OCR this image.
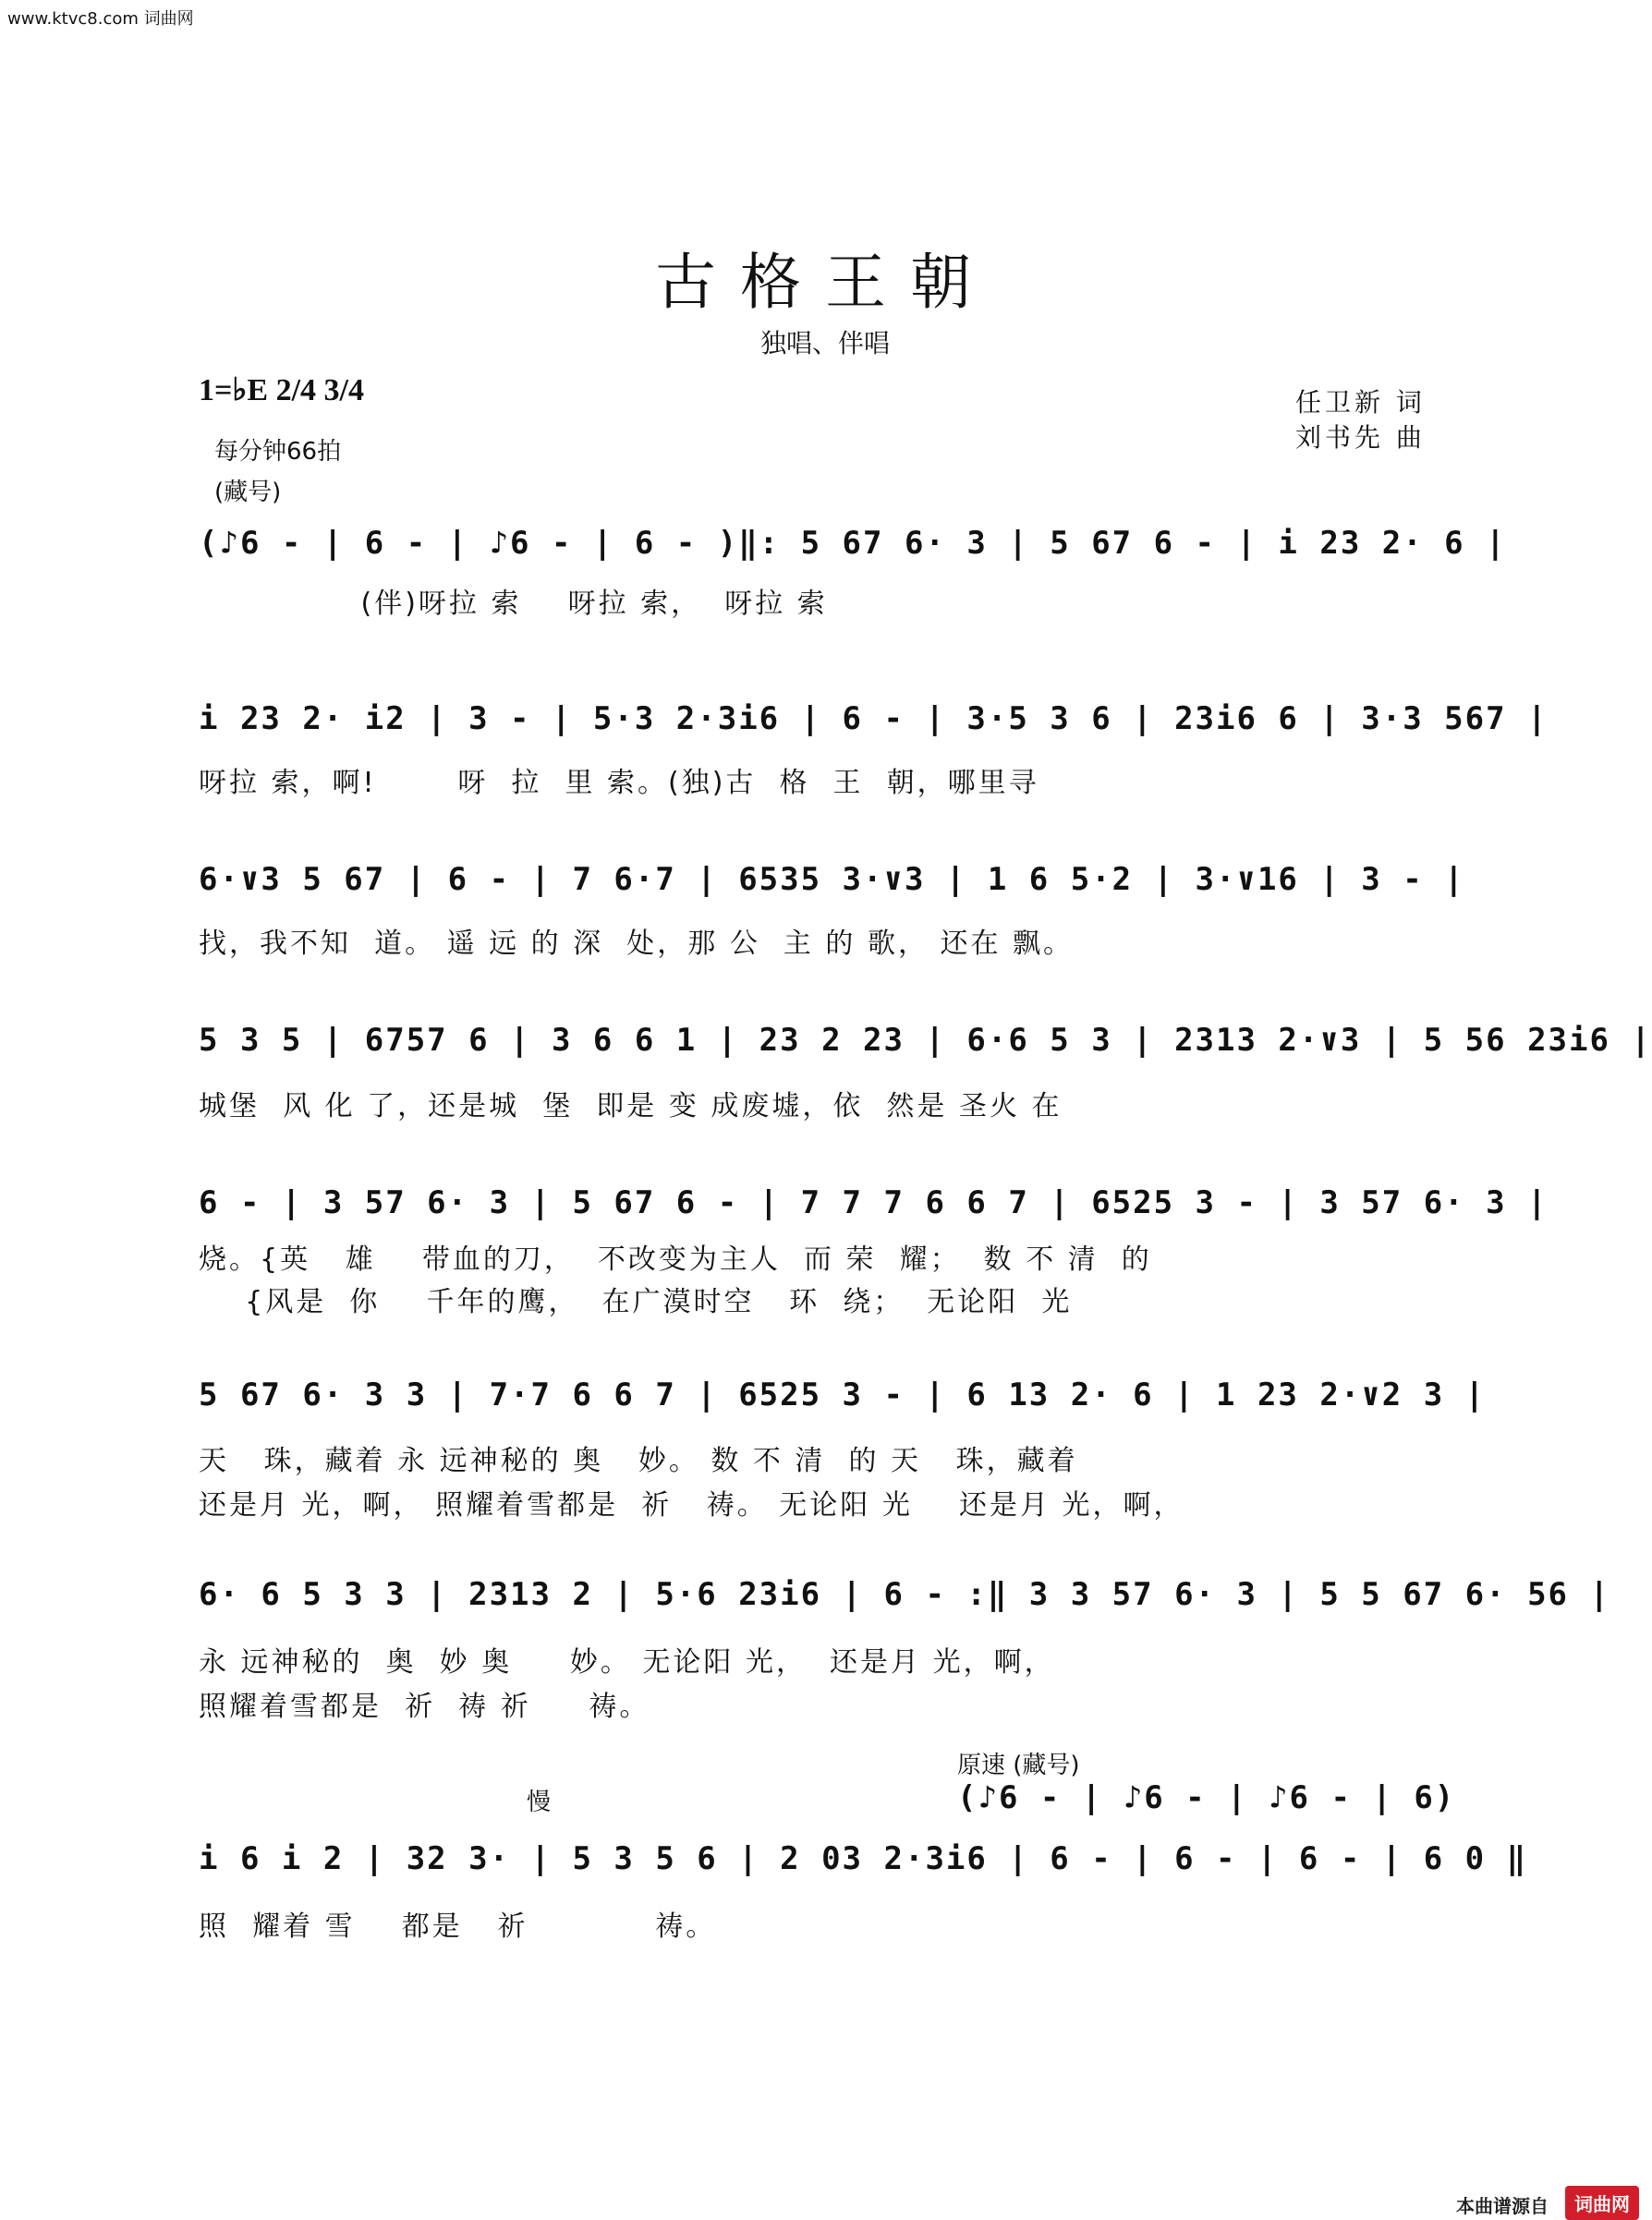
www.ktvc8.com 词曲网
古格王朝
独唱、伴唱
1=♭E 2/4 3/4
每分钟66拍
(藏号)
任卫新 词
刘书先 曲
(♪6 - | 6 - | ♪6 - | 6 - )‖: 5 67 6· 3 | 5 67 6 - | i 23 2· 6 |
(伴)呀拉 索    呀拉 索，  呀拉 索
i 23 2· i2 | 3 - | 5·3 2·3i6 | 6 - | 3·5 3 6 | 23i6 6 | 3·3 567 |
呀拉 索，啊!       呀  拉  里 索。(独)古  格  王  朝，哪里寻
6·∨3 5 67 | 6 - | 7 6·7 | 6535 3·∨3 | 1 6 5·2 | 3·∨16 | 3 - |
找，我不知  道。 遥 远 的 深  处，那 公  主 的 歌， 还在 飘。
5 3 5 | 6757 6 | 3 6 6 1 | 23 2 23 | 6·6 5 3 | 2313 2·∨3 | 5 56 23i6 |
城堡  风 化 了，还是城  堡  即是 变 成废墟，依  然是 圣火 在
6 - | 3 57 6· 3 | 5 67 6 - | 7 7 7 6 6 7 | 6525 3 - | 3 57 6· 3 |
烧。{英   雄    带血的刀，  不改变为主人  而 荣  耀；  数 不 清  的
{风是  你    千年的鹰，  在广漠时空   环  绕；  无论阳  光
5 67 6· 3 3 | 7·7 6 6 7 | 6525 3 - | 6 13 2· 6 | 1 23 2·∨2 3 |
天   珠，藏着 永 远神秘的 奥   妙。 数 不 清  的 天   珠，藏着
还是月 光，啊， 照耀着雪都是  祈   祷。 无论阳 光    还是月 光，啊，
6· 6 5 3 3 | 2313 2 | 5·6 23i6 | 6 - :‖ 3 3 57 6· 3 | 5 5 67 6· 56 |
永 远神秘的  奥  妙 奥     妙。 无论阳 光，  还是月 光，啊，
照耀着雪都是  祈  祷 祈     祷。
原速 (藏号)
慢	(♪6 - | ♪6 - | ♪6 - | 6)
i 6 i 2 | 32 3· | 5 3 5 6 | 2 03 2·3i6 | 6 - | 6 - | 6 - | 6 0 ‖
照  耀着 雪    都是   祈           祷。
本曲谱源自	词曲网
